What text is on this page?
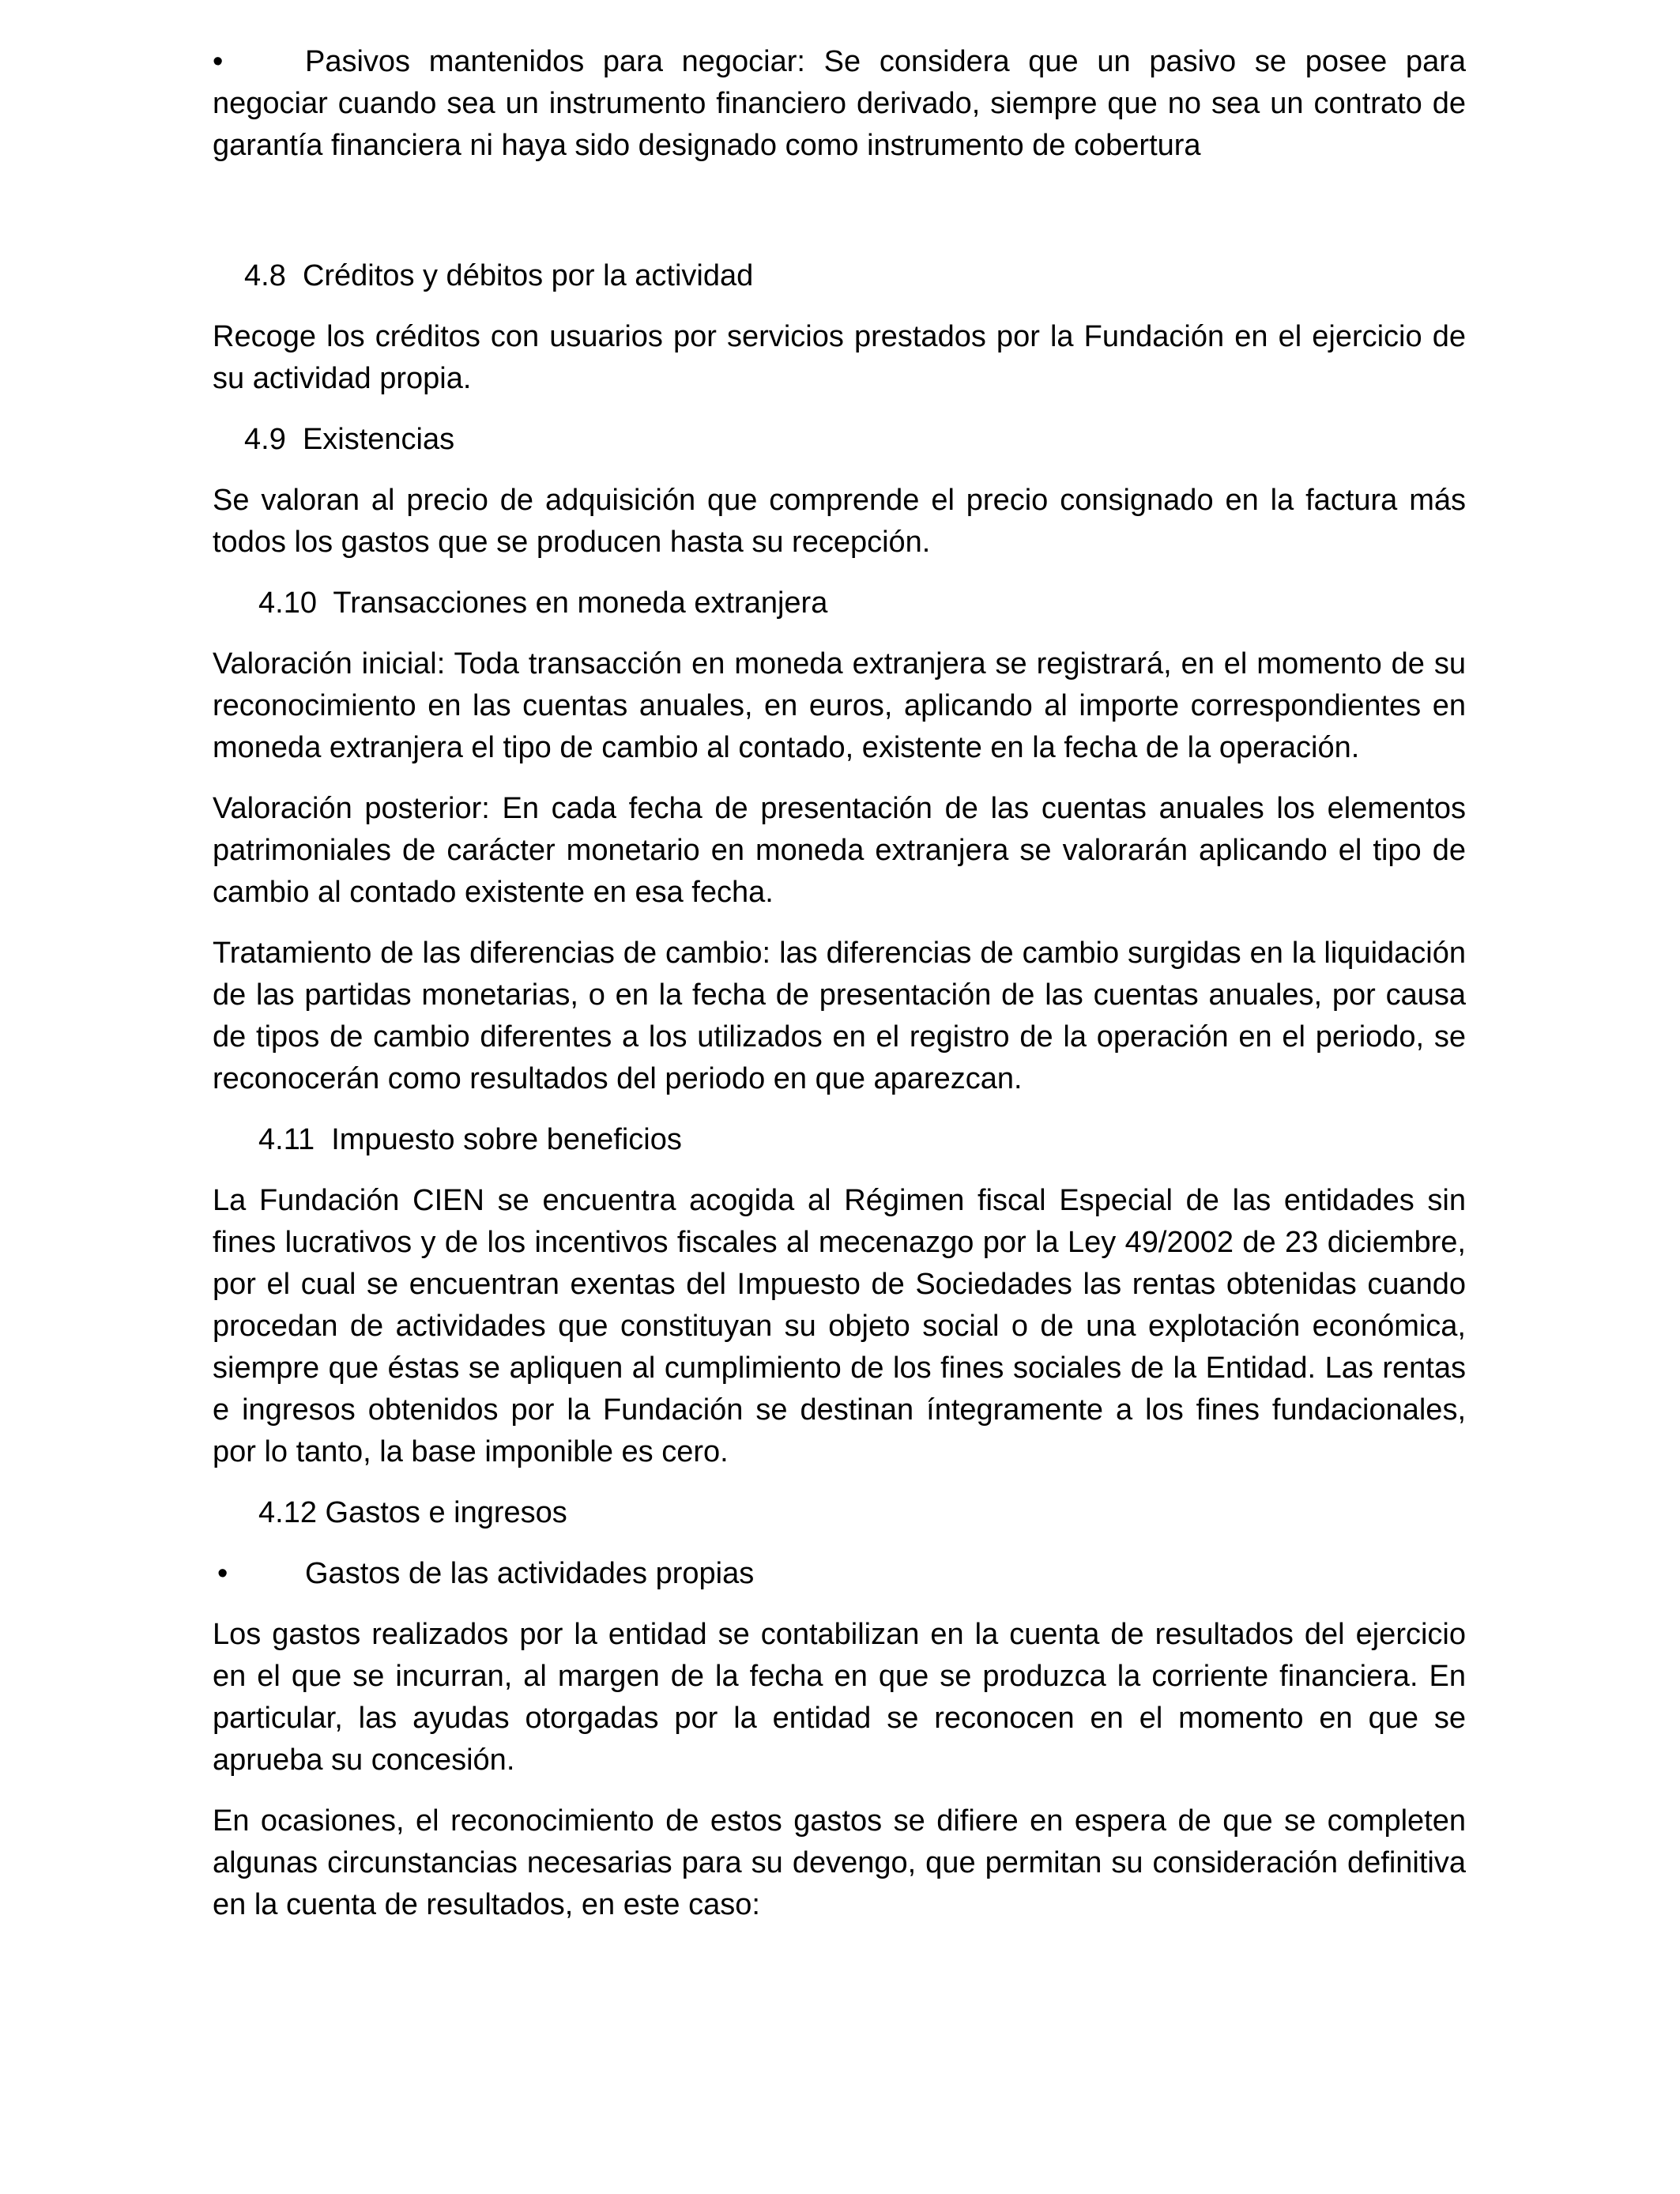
•	Pasivos mantenidos para negociar: Se considera que un pasivo se posee para negociar cuando sea un instrumento financiero derivado, siempre que no sea un contrato de garantía financiera ni haya sido designado como instrumento de cobertura

4.8  Créditos y débitos por la actividad

Recoge los créditos con usuarios por servicios prestados por la Fundación en el ejercicio de su actividad propia.

4.9  Existencias

Se valoran al precio de adquisición que comprende el precio consignado en la factura más todos los gastos que se producen hasta su recepción.

4.10  Transacciones en moneda extranjera

Valoración inicial: Toda transacción en moneda extranjera se registrará, en el momento de su reconocimiento en las cuentas anuales, en euros, aplicando al importe correspondientes en moneda extranjera el tipo de cambio al contado, existente en la fecha de la operación.

Valoración posterior: En cada fecha de presentación de las cuentas anuales los elementos patrimoniales de carácter monetario en moneda extranjera se valorarán aplicando el tipo de cambio al contado existente en esa fecha.

Tratamiento de las diferencias de cambio: las diferencias de cambio surgidas en la liquidación de las partidas monetarias, o en la fecha de presentación de las cuentas anuales, por causa de tipos de cambio diferentes a los utilizados en el registro de la operación en el periodo, se reconocerán como resultados del periodo en que aparezcan.

4.11  Impuesto sobre beneficios

La Fundación CIEN se encuentra acogida al Régimen fiscal Especial de las entidades sin fines lucrativos y de los incentivos fiscales al mecenazgo por la Ley 49/2002 de 23 diciembre, por el cual se encuentran exentas del Impuesto de Sociedades las rentas obtenidas cuando procedan de actividades que constituyan su objeto social o de una explotación económica, siempre que éstas se apliquen al cumplimiento de los fines sociales de la Entidad. Las rentas e ingresos obtenidos por la Fundación se destinan íntegramente a los fines fundacionales, por lo tanto, la base imponible es cero.

4.12 Gastos e ingresos

•	Gastos de las actividades propias

Los gastos realizados por la entidad se contabilizan en la cuenta de resultados del ejercicio en el que se incurran, al margen de la fecha en que se produzca la corriente financiera. En particular, las ayudas otorgadas por la entidad se reconocen en el momento en que se aprueba su concesión.

En ocasiones, el reconocimiento de estos gastos se difiere en espera de que se completen algunas circunstancias necesarias para su devengo, que permitan su consideración definitiva en la cuenta de resultados, en este caso:
